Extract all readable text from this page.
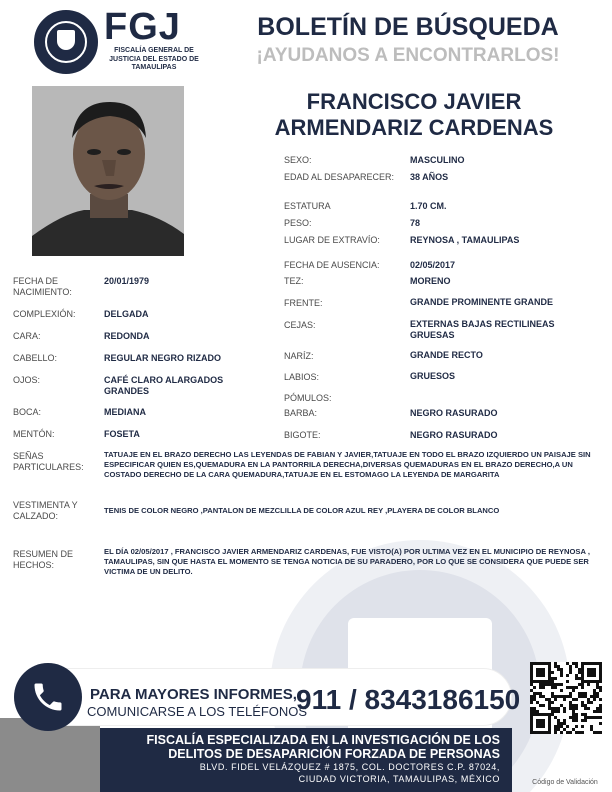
FGJ
FISCALÍA GENERAL DE JUSTICIA DEL ESTADO DE TAMAULIPAS
BOLETÍN DE BÚSQUEDA
¡AYUDANOS A ENCONTRARLOS!
FRANCISCO JAVIER
ARMENDARIZ CARDENAS
SEXO:	MASCULINO
EDAD AL DESAPARECER: 38 AÑOS
ESTATURA	1.70 CM.
PESO:	78
LUGAR DE EXTRAVÍO:	REYNOSA , TAMAULIPAS
FECHA DE AUSENCIA:	02/05/2017
TEZ:	MORENO
FRENTE:	GRANDE PROMINENTE GRANDE
CEJAS:	EXTERNAS BAJAS RECTILINEAS GRUESAS
NARÍZ:	GRANDE RECTO
LABIOS:	GRUESOS
PÓMULOS:
BARBA:	NEGRO RASURADO
BIGOTE:	NEGRO RASURADO
FECHA DE NACIMIENTO:
20/01/1979
COMPLEXIÓN:	DELGADA
CARA:	REDONDA
CABELLO:	REGULAR NEGRO RIZADO
OJOS:	CAFÉ CLARO ALARGADOS GRANDES
BOCA:	MEDIANA
MENTÓN:	FOSETA
SEÑAS PARTICULARES:
TATUAJE EN EL BRAZO DERECHO LAS LEYENDAS DE FABIAN Y JAVIER,TATUAJE EN TODO EL BRAZO IZQUIERDO UN PAISAJE SIN ESPECIFICAR QUIEN ES,QUEMADURA EN LA PANTORRILA DERECHA,DIVERSAS QUEMADURAS EN EL BRAZO DERECHO,A UN COSTADO DERECHO DE LA CARA QUEMADURA,TATUAJE EN EL ESTOMAGO LA LEYENDA DE MARGARITA
VESTIMENTA Y CALZADO:
TENIS DE COLOR NEGRO ,PANTALON DE MEZCLILLA DE COLOR AZUL REY ,PLAYERA DE COLOR BLANCO
RESUMEN DE HECHOS:
EL DÍA 02/05/2017 , FRANCISCO JAVIER ARMENDARIZ CARDENAS, FUE VISTO(A) POR ULTIMA VEZ EN EL MUNICIPIO DE REYNOSA , TAMAULIPAS, SIN QUE HASTA EL MOMENTO SE TENGA NOTICIA DE SU PARADERO, POR LO QUE SE CONSIDERA QUE PUEDE SER VICTIMA DE UN DELITO.
PARA MAYORES INFORMES,
COMUNICARSE A LOS TELÉFONOS
911 / 8343186150
Código de Validación
FISCALÍA ESPECIALIZADA EN LA INVESTIGACIÓN DE LOS
DELITOS DE DESAPARICIÓN FORZADA DE PERSONAS
BLVD. FIDEL VELÁZQUEZ # 1875, COL. DOCTORES C.P. 87024,
CIUDAD VICTORIA, TAMAULIPAS, MÉXICO
